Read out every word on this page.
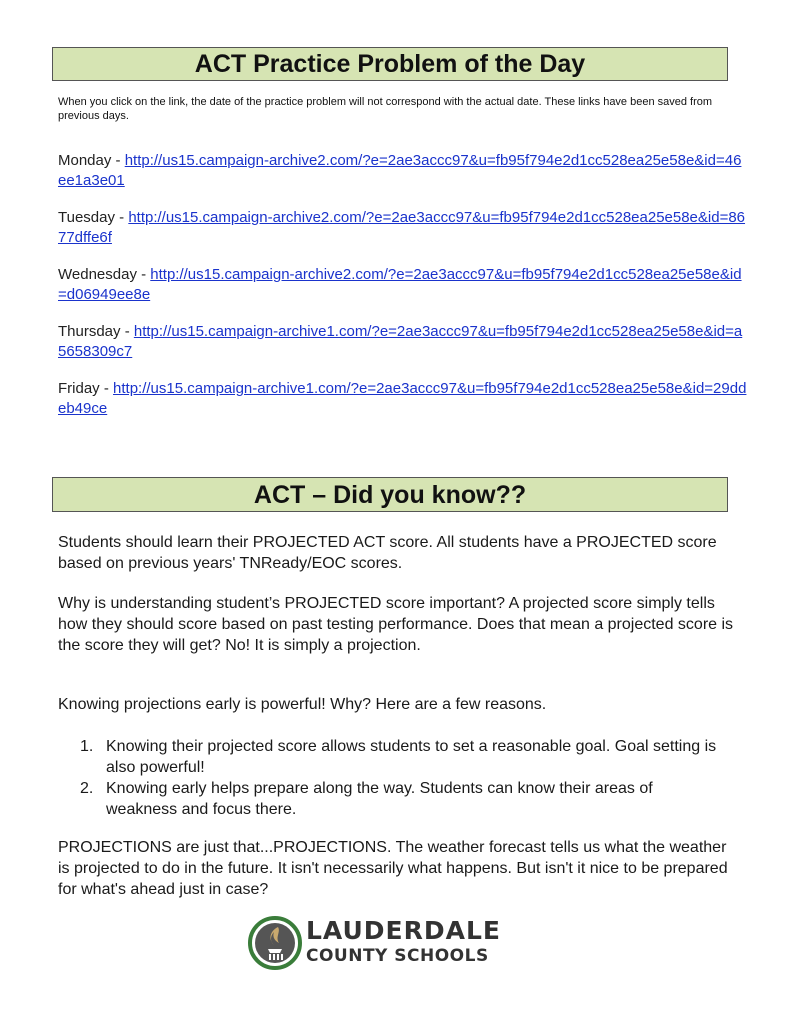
ACT Practice Problem of the Day
When you click on the link, the date of the practice problem will not correspond with the actual date. These links have been saved from previous days.
Monday - http://us15.campaign-archive2.com/?e=2ae3accc97&u=fb95f794e2d1cc528ea25e58e&id=46ee1a3e01
Tuesday - http://us15.campaign-archive2.com/?e=2ae3accc97&u=fb95f794e2d1cc528ea25e58e&id=8677dffe6f
Wednesday - http://us15.campaign-archive2.com/?e=2ae3accc97&u=fb95f794e2d1cc528ea25e58e&id=d06949ee8e
Thursday - http://us15.campaign-archive1.com/?e=2ae3accc97&u=fb95f794e2d1cc528ea25e58e&id=a5658309c7
Friday - http://us15.campaign-archive1.com/?e=2ae3accc97&u=fb95f794e2d1cc528ea25e58e&id=29ddeb49ce
ACT – Did you know??
Students should learn their PROJECTED ACT score. All students have a PROJECTED score based on previous years' TNReady/EOC scores.
Why is understanding student’s PROJECTED score important? A projected score simply tells how they should score based on past testing performance. Does that mean a projected score is the score they will get? No! It is simply a projection.
Knowing projections early is powerful! Why? Here are a few reasons.
1. Knowing their projected score allows students to set a reasonable goal. Goal setting is also powerful!
2. Knowing early helps prepare along the way. Students can know their areas of weakness and focus there.
PROJECTIONS are just that...PROJECTIONS. The weather forecast tells us what the weather is projected to do in the future. It isn't necessarily what happens. But isn't it nice to be prepared for what's ahead just in case?
LAUDERDALE
COUNTY SCHOOLS
